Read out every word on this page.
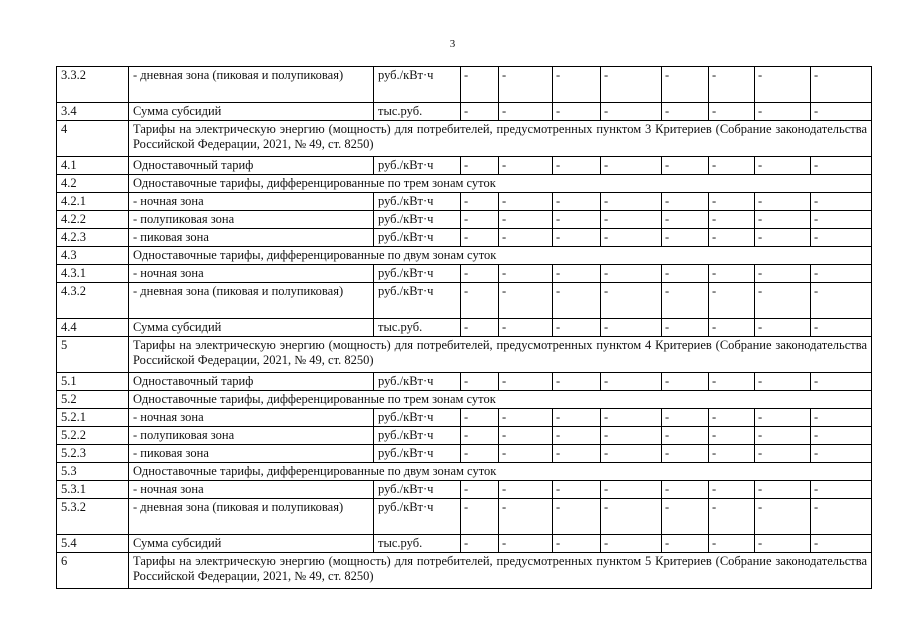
3
3.3.2	- дневная зона (пиковая и полупиковая)	руб./кВт·ч	-	-	-	-	-	-	-	-
3.4	Сумма субсидий	тыс.руб.	-	-	-	-	-	-	-	-
4	Тарифы на электрическую энергию (мощность) для потребителей, предусмотренных пунктом 3 Критериев (Собрание законодательства Российской Федерации, 2021, № 49, ст. 8250)									
4.1	Одноставочный тариф	руб./кВт·ч	-	-	-	-	-	-	-	-
4.2	Одноставочные тарифы, дифференцированные по трем зонам суток									
4.2.1	- ночная зона	руб./кВт·ч	-	-	-	-	-	-	-	-
4.2.2	- полупиковая зона	руб./кВт·ч	-	-	-	-	-	-	-	-
4.2.3	- пиковая зона	руб./кВт·ч	-	-	-	-	-	-	-	-
4.3	Одноставочные тарифы, дифференцированные по двум зонам суток									
4.3.1	- ночная зона	руб./кВт·ч	-	-	-	-	-	-	-	-
4.3.2	- дневная зона (пиковая и полупиковая)	руб./кВт·ч	-	-	-	-	-	-	-	-
4.4	Сумма субсидий	тыс.руб.	-	-	-	-	-	-	-	-
5	Тарифы на электрическую энергию (мощность) для потребителей, предусмотренных пунктом 4 Критериев (Собрание законодательства Российской Федерации, 2021, № 49, ст. 8250)									
5.1	Одноставочный тариф	руб./кВт·ч	-	-	-	-	-	-	-	-
5.2	Одноставочные тарифы, дифференцированные по трем зонам суток									
5.2.1	- ночная зона	руб./кВт·ч	-	-	-	-	-	-	-	-
5.2.2	- полупиковая зона	руб./кВт·ч	-	-	-	-	-	-	-	-
5.2.3	- пиковая зона	руб./кВт·ч	-	-	-	-	-	-	-	-
5.3	Одноставочные тарифы, дифференцированные по двум зонам суток									
5.3.1	- ночная зона	руб./кВт·ч	-	-	-	-	-	-	-	-
5.3.2	- дневная зона (пиковая и полупиковая)	руб./кВт·ч	-	-	-	-	-	-	-	-
5.4	Сумма субсидий	тыс.руб.	-	-	-	-	-	-	-	-
6	Тарифы на электрическую энергию (мощность) для потребителей, предусмотренных пунктом 5 Критериев (Собрание законодательства Российской Федерации, 2021, № 49, ст. 8250)									
